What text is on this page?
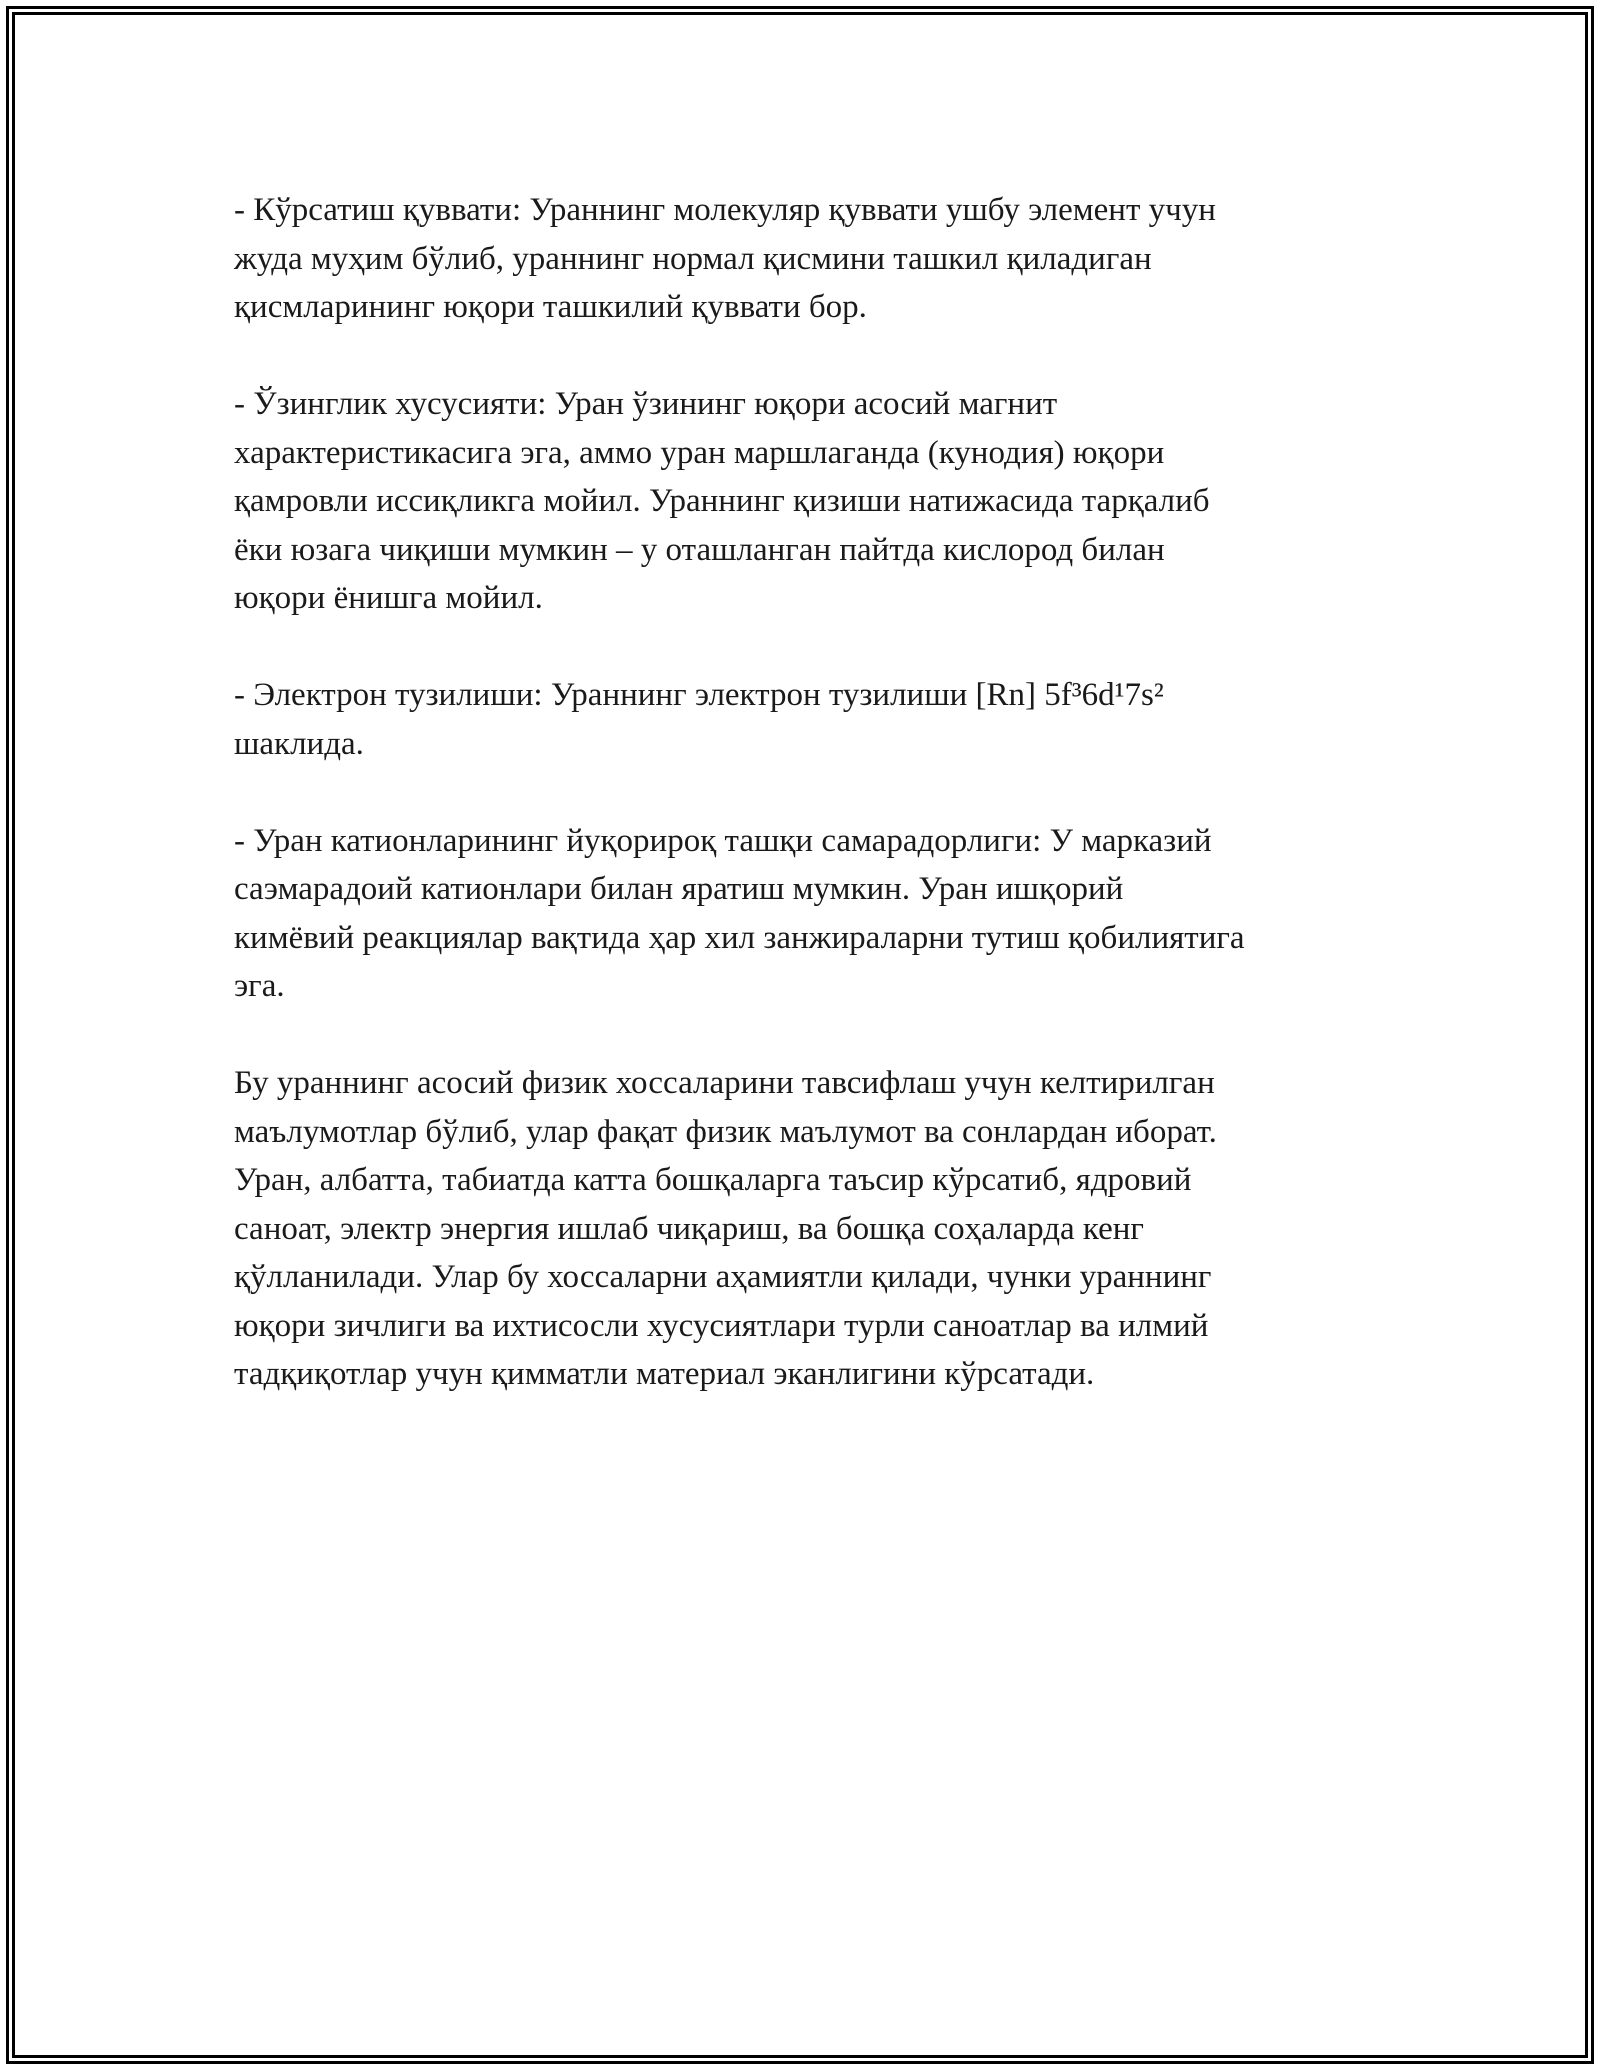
- Кўрсатиш қуввати: Ураннинг молекуляр қуввати ушбу элемент учун
жуда муҳим бўлиб, ураннинг нормал қисмини ташкил қиладиган
қисмларининг юқори ташкилий қуввати бор.

- Ўзинглик хусусияти: Уран ўзининг юқори асосий магнит
характеристикасига эга, аммо уран маршлаганда (кунодия) юқори
қамровли иссиқликга мойил. Ураннинг қизиши натижасида тарқалиб
ёки юзага чиқиши мумкин – у оташланган пайтда кислород билан
юқори ёнишга мойил.

- Электрон тузилиши: Ураннинг электрон тузилиши [Rn] 5f³6d¹7s²
шаклида.

- Уран катионларининг йуқорироқ ташқи самарадорлиги: У марказий
саэмарадоий катионлари билан яратиш мумкин. Уран ишқорий
кимёвий реакциялар вақтида ҳар хил занжираларни тутиш қобилиятига
эга.

Бу ураннинг асосий физик хоссаларини тавсифлаш учун келтирилган
маълумотлар бўлиб, улар фақат физик маълумот ва сонлардан иборат.
Уран, албатта, табиатда катта бошқаларга таъсир кўрсатиб, ядровий
саноат, электр энергия ишлаб чиқариш, ва бошқа соҳаларда кенг
қўлланилади. Улар бу хоссаларни аҳамиятли қилади, чунки ураннинг
юқори зичлиги ва ихтисосли хусусиятлари турли саноатлар ва илмий
тадқиқотлар учун қимматли материал эканлигини кўрсатади.
